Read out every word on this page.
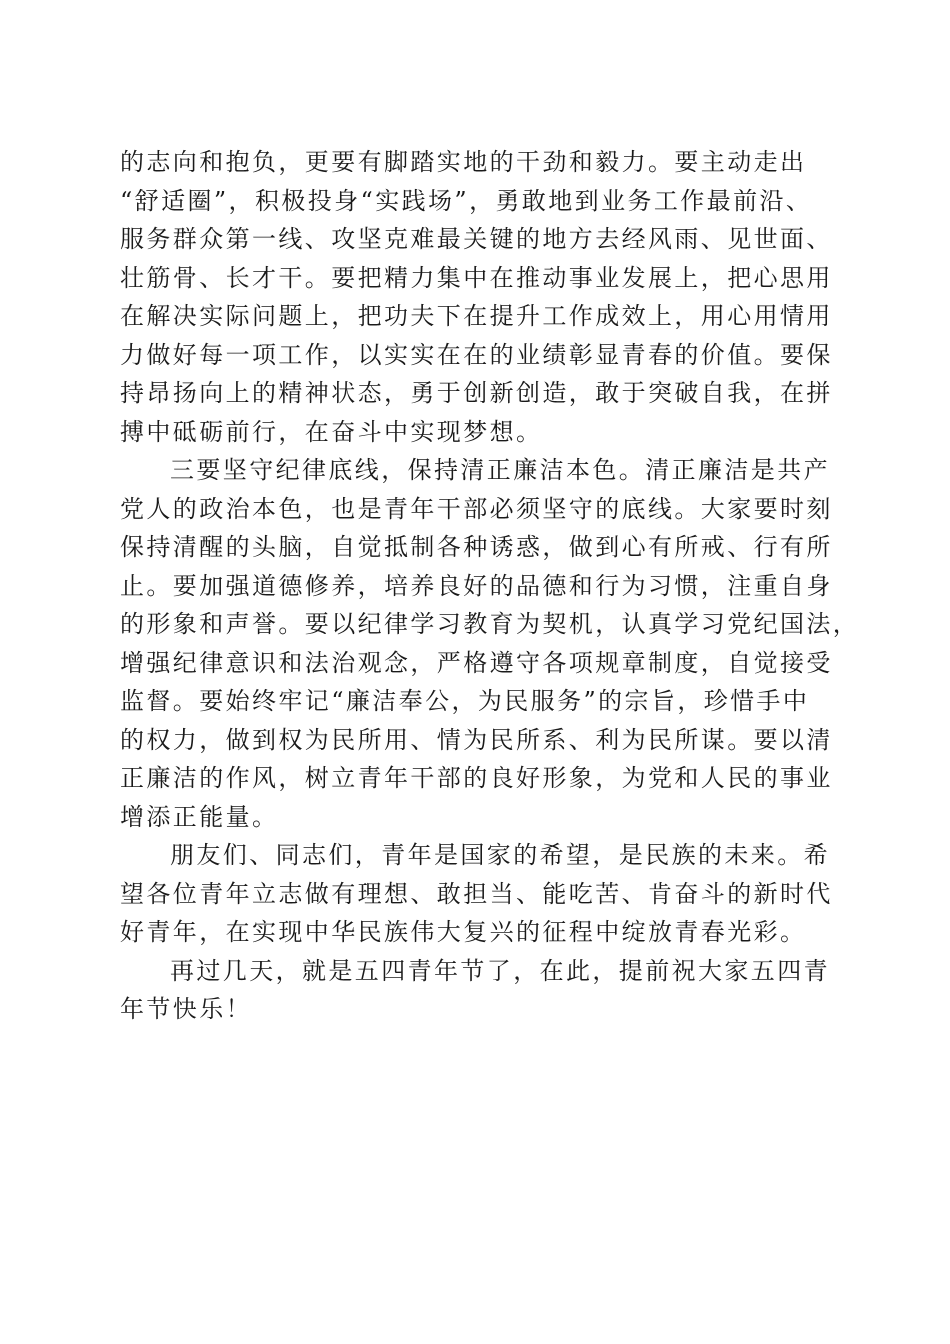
的志向和抱负，更要有脚踏实地的干劲和毅力。要主动走出
“舒适圈”，积极投身“实践场”，勇敢地到业务工作最前沿、
服务群众第一线、攻坚克难最关键的地方去经风雨、见世面、
壮筋骨、长才干。要把精力集中在推动事业发展上，把心思用
在解决实际问题上，把功夫下在提升工作成效上，用心用情用
力做好每一项工作，以实实在在的业绩彰显青春的价值。要保
持昂扬向上的精神状态，勇于创新创造，敢于突破自我，在拼
搏中砥砺前行，在奋斗中实现梦想。
三要坚守纪律底线，保持清正廉洁本色。清正廉洁是共产
党人的政治本色，也是青年干部必须坚守的底线。大家要时刻
保持清醒的头脑，自觉抵制各种诱惑，做到心有所戒、行有所
止。要加强道德修养，培养良好的品德和行为习惯，注重自身
的形象和声誉。要以纪律学习教育为契机，认真学习党纪国法，
增强纪律意识和法治观念，严格遵守各项规章制度，自觉接受
监督。要始终牢记“廉洁奉公，为民服务”的宗旨，珍惜手中
的权力，做到权为民所用、情为民所系、利为民所谋。要以清
正廉洁的作风，树立青年干部的良好形象，为党和人民的事业
增添正能量。
朋友们、同志们，青年是国家的希望，是民族的未来。希
望各位青年立志做有理想、敢担当、能吃苦、肯奋斗的新时代
好青年，在实现中华民族伟大复兴的征程中绽放青春光彩。
再过几天，就是五四青年节了，在此，提前祝大家五四青
年节快乐！
